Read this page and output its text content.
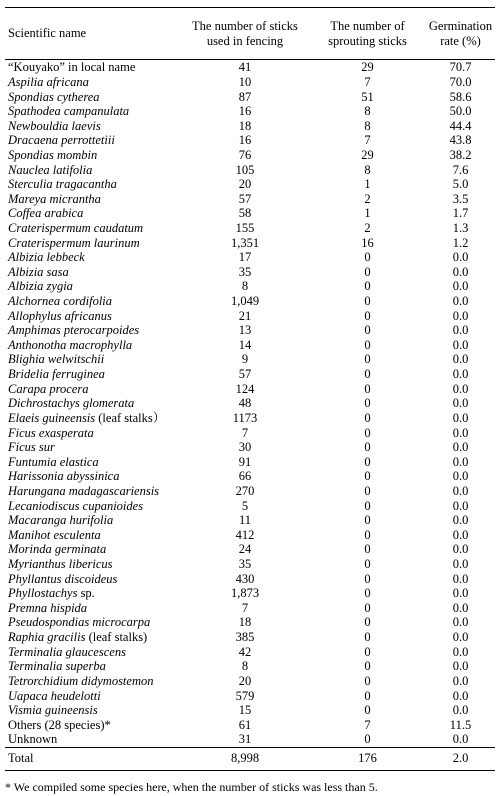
Scientific name	The number of sticks used in fencing	The number of sprouting sticks	Germination rate (%)
“Kouyako” in local name	41	29	70.7
Aspilia africana	10	7	70.0
Spondias cytherea	87	51	58.6
Spathodea campanulata	16	8	50.0
Newbouldia laevis	18	8	44.4
Dracaena perrottetiii	16	7	43.8
Spondias mombin	76	29	38.2
Nauclea latifolia	105	8	7.6
Sterculia tragacantha	20	1	5.0
Mareya micrantha	57	2	3.5
Coffea arabica	58	1	1.7
Craterispermum caudatum	155	2	1.3
Craterispermum laurinum	1,351	16	1.2
Albizia lebbeck	17	0	0.0
Albizia sasa	35	0	0.0
Albizia zygia	8	0	0.0
Alchornea cordifolia	1,049	0	0.0
Allophylus africanus	21	0	0.0
Amphimas pterocarpoides	13	0	0.0
Anthonotha macrophylla	14	0	0.0
Blighia welwitschii	9	0	0.0
Bridelia ferruginea	57	0	0.0
Carapa procera	124	0	0.0
Dichrostachys glomerata	48	0	0.0
Elaeis guineensis (leaf stalks）	1173	0	0.0
Ficus exasperata	7	0	0.0
Ficus sur	30	0	0.0
Funtumia elastica	91	0	0.0
Harissonia abyssinica	66	0	0.0
Harungana madagascariensis	270	0	0.0
Lecaniodiscus cupanioides	5	0	0.0
Macaranga hurifolia	11	0	0.0
Manihot esculenta	412	0	0.0
Morinda germinata	24	0	0.0
Myrianthus libericus	35	0	0.0
Phyllantus discoideus	430	0	0.0
Phyllostachys sp.	1,873	0	0.0
Premna hispida	7	0	0.0
Pseudospondias microcarpa	18	0	0.0
Raphia gracilis (leaf stalks)	385	0	0.0
Terminalia glaucescens	42	0	0.0
Terminalia superba	8	0	0.0
Tetrorchidium didymostemon	20	0	0.0
Uapaca heudelotti	579	0	0.0
Vismia guineensis	15	0	0.0
Others (28 species)*	61	7	11.5
Unknown	31	0	0.0
Total	8,998	176	2.0
* We compiled some species here, when the number of sticks was less than 5.
